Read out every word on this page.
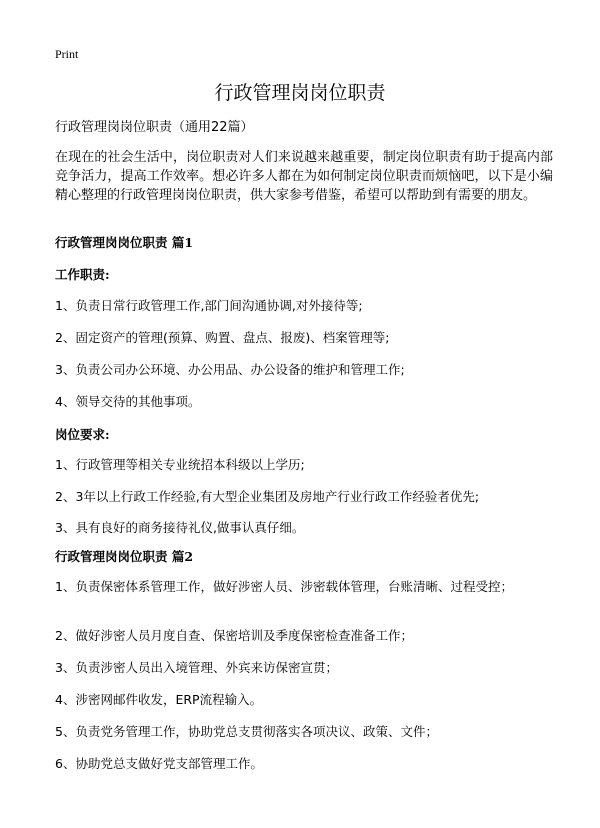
Print
行政管理岗岗位职责
行政管理岗岗位职责（通用22篇）

在现在的社会生活中，岗位职责对人们来说越来越重要，制定岗位职责有助于提高内部竞争活力，提高工作效率。想必许多人都在为如何制定岗位职责而烦恼吧，以下是小编精心整理的行政管理岗岗位职责，供大家参考借鉴，希望可以帮助到有需要的朋友。

行政管理岗岗位职责 篇1
工作职责:
1、负责日常行政管理工作,部门间沟通协调,对外接待等;
2、固定资产的管理(预算、购置、盘点、报废)、档案管理等;
3、负责公司办公环境、办公用品、办公设备的维护和管理工作;
4、领导交待的其他事项。
岗位要求:
1、行政管理等相关专业统招本科级以上学历;
2、3年以上行政工作经验,有大型企业集团及房地产行业行政工作经验者优先;
3、具有良好的商务接待礼仪,做事认真仔细。
行政管理岗岗位职责 篇2
1、负责保密体系管理工作，做好涉密人员、涉密载体管理，台账清晰、过程受控；
2、做好涉密人员月度自查、保密培训及季度保密检查准备工作；
3、负责涉密人员出入境管理、外宾来访保密宣贯；
4、涉密网邮件收发，ERP流程输入。
5、负责党务管理工作，协助党总支贯彻落实各项决议、政策、文件；
6、协助党总支做好党支部管理工作。
